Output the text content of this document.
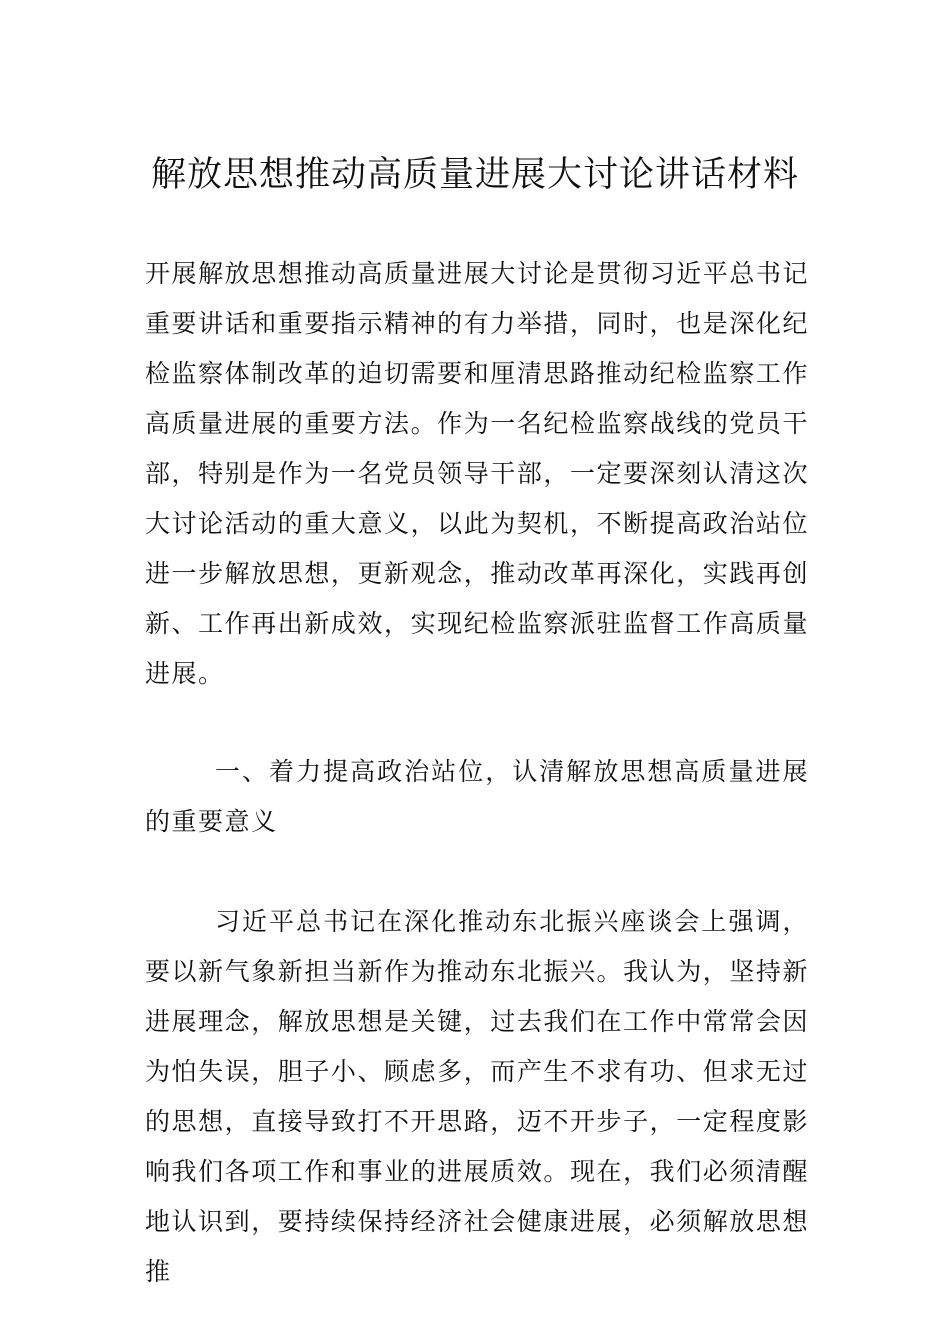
解放思想推动高质量进展大讨论讲话材料

开展解放思想推动高质量进展大讨论是贯彻习近平总书记重要讲话和重要指示精神的有力举措，同时，也是深化纪检监察体制改革的迫切需要和厘清思路推动纪检监察工作高质量进展的重要方法。作为一名纪检监察战线的党员干部，特别是作为一名党员领导干部，一定要深刻认清这次大讨论活动的重大意义，以此为契机，不断提高政治站位进一步解放思想，更新观念，推动改革再深化，实践再创新、工作再出新成效，实现纪检监察派驻监督工作高质量进展。

一、着力提高政治站位，认清解放思想高质量进展的重要意义

习近平总书记在深化推动东北振兴座谈会上强调，要以新气象新担当新作为推动东北振兴。我认为，坚持新进展理念，解放思想是关键，过去我们在工作中常常会因为怕失误，胆子小、顾虑多，而产生不求有功、但求无过的思想，直接导致打不开思路，迈不开步子，一定程度影响我们各项工作和事业的进展质效。现在，我们必须清醒地认识到，要持续保持经济社会健康进展，必须解放思想推
